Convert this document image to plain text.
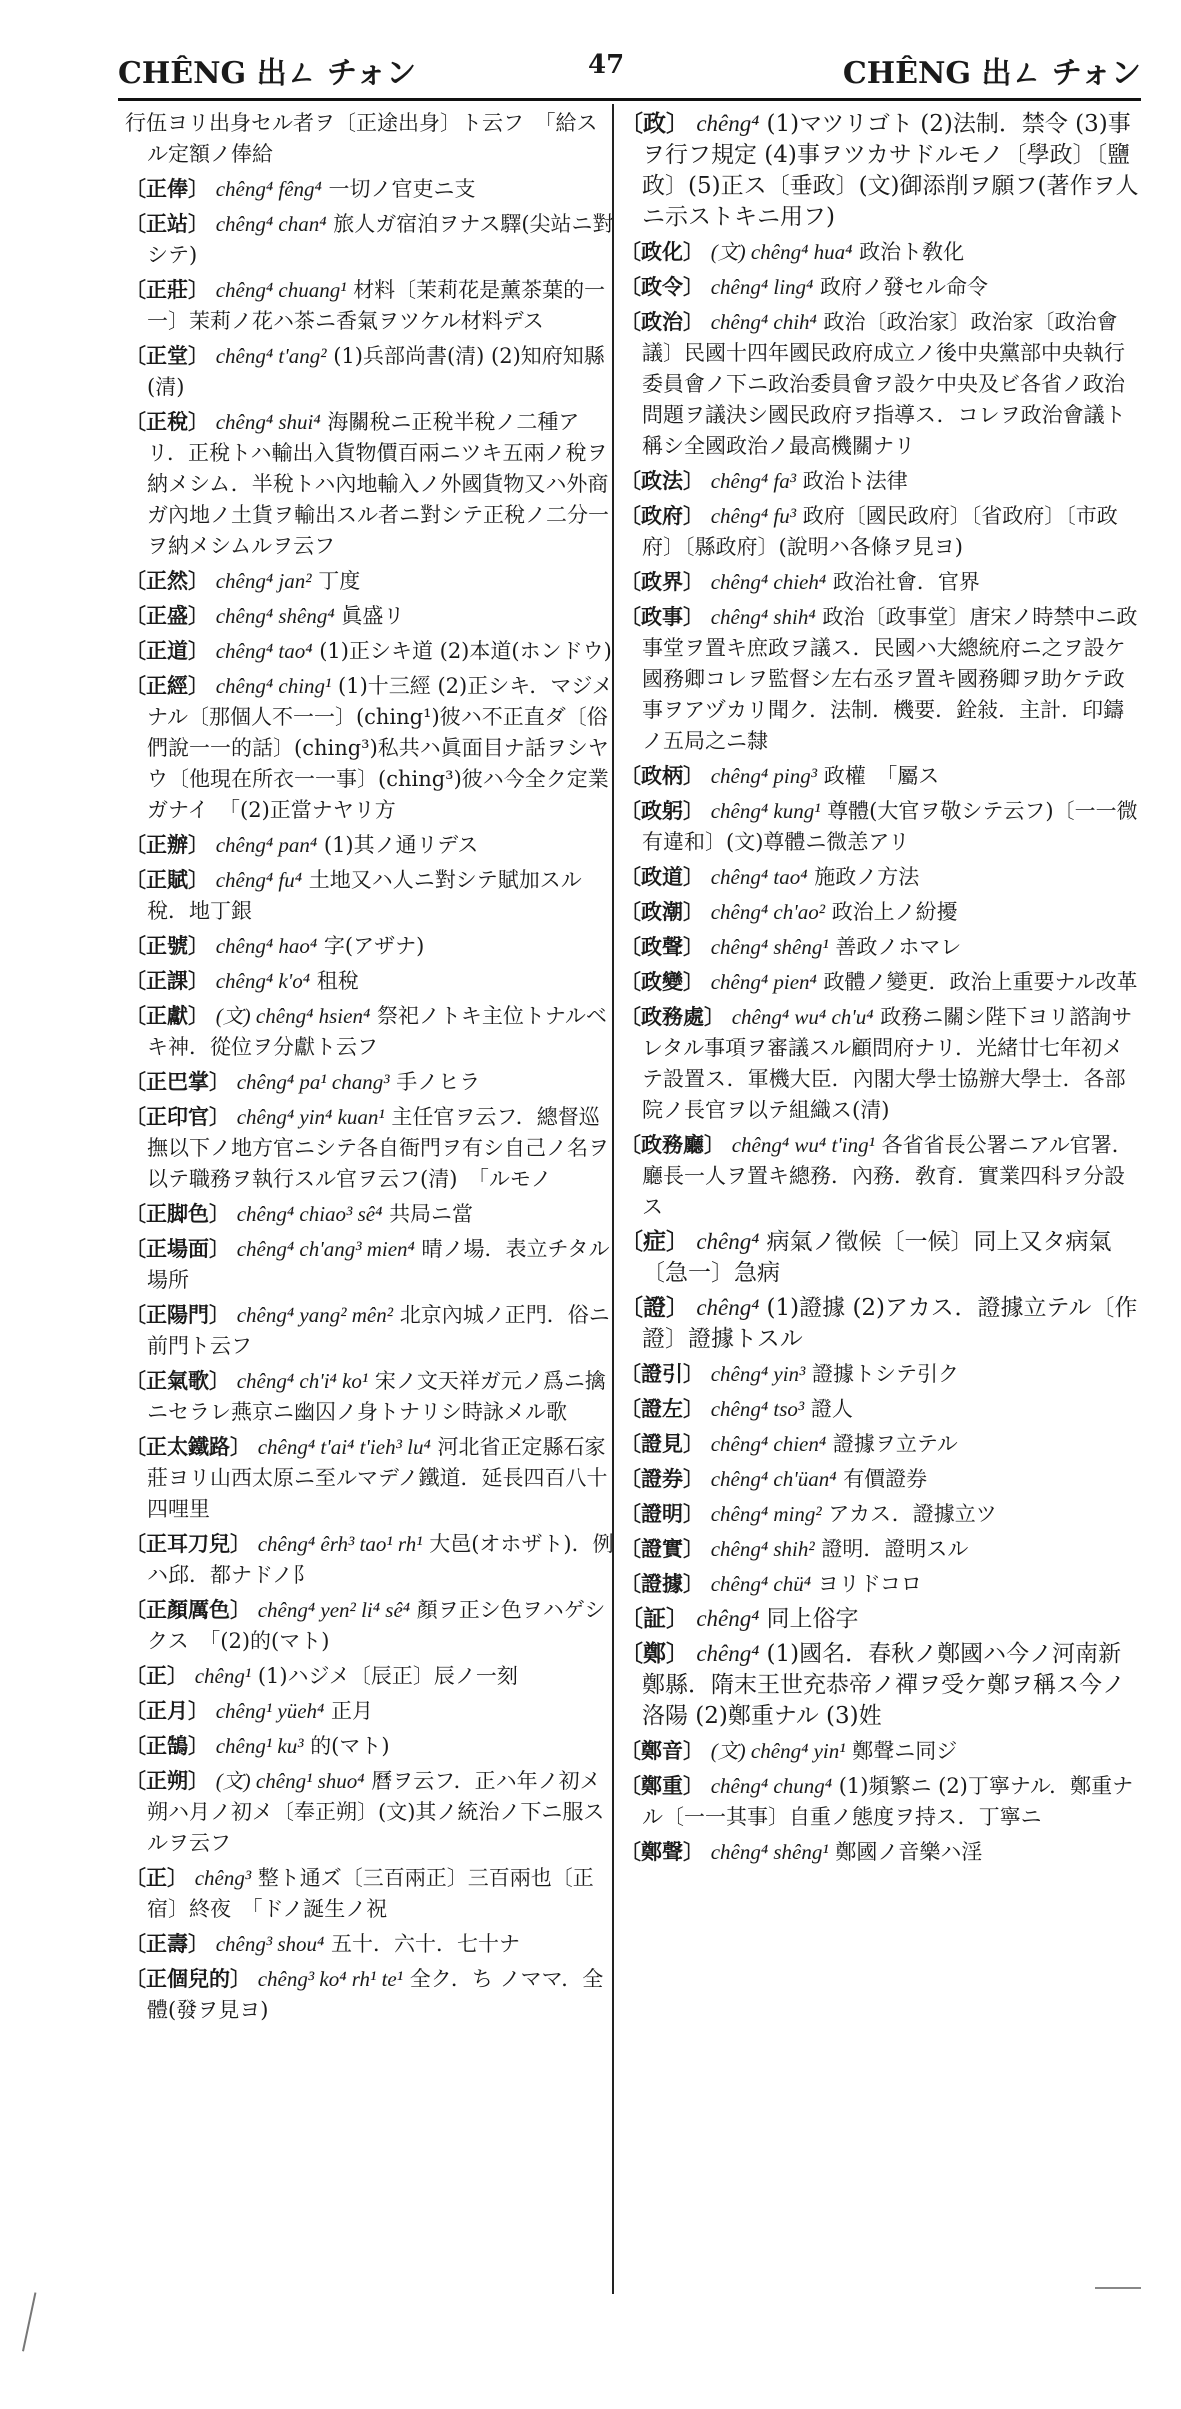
CHÊNG 出ㄥ チォン	47	CHÊNG 出ㄥ チォン
行伍ヨリ出身セル者ヲ〔正途出身〕ト云フ　「給スル定額ノ俸給
〔正俸〕 chêng⁴ fêng⁴ 一切ノ官吏ニ支
〔正站〕 chêng⁴ chan⁴ 旅人ガ宿泊ヲナス驛(尖站ニ對シテ)
〔正莊〕 chêng⁴ chuang¹ 材料〔茉莉花是薰茶葉的一一〕茉莉ノ花ハ茶ニ香氣ヲツケル材料デス
〔正堂〕 chêng⁴ t'ang² (1)兵部尚書(清) (2)知府知縣(清)
〔正稅〕 chêng⁴ shui⁴ 海關稅ニ正稅半稅ノ二種アリ．正稅トハ輸出入貨物價百兩ニツキ五兩ノ稅ヲ納メシム．半稅トハ內地輸入ノ外國貨物又ハ外商ガ內地ノ土貨ヲ輸出スル者ニ對シテ正稅ノ二分一ヲ納メシムルヲ云フ
〔正然〕 chêng⁴ jan² 丁度
〔正盛〕 chêng⁴ shêng⁴ 眞盛リ
〔正道〕 chêng⁴ tao⁴ (1)正シキ道 (2)本道(ホンドウ)
〔正經〕 chêng⁴ ching¹ (1)十三經 (2)正シキ．マジメナル〔那個人不一一〕(ching¹)彼ハ不正直ダ〔俗們說一一的話〕(ching³)私共ハ眞面目ナ話ヲシヤウ〔他現在所衣一一事〕(ching³)彼ハ今全ク定業ガナイ　「(2)正當ナヤリ方
〔正辦〕 chêng⁴ pan⁴ (1)其ノ通リデス
〔正賦〕 chêng⁴ fu⁴ 土地又ハ人ニ對シテ賦加スル稅．地丁銀
〔正號〕 chêng⁴ hao⁴ 字(アザナ)
〔正課〕 chêng⁴ k'o⁴ 租稅
〔正獻〕 (文) chêng⁴ hsien⁴ 祭祀ノトキ主位トナルベキ神．從位ヲ分獻ト云フ
〔正巴掌〕 chêng⁴ pa¹ chang³ 手ノヒラ
〔正印官〕 chêng⁴ yin⁴ kuan¹ 主任官ヲ云フ．總督巡撫以下ノ地方官ニシテ各自衙門ヲ有シ自己ノ名ヲ以テ職務ヲ執行スル官ヲ云フ(清)　「ルモノ
〔正脚色〕 chêng⁴ chiao³ sê⁴ 共局ニ當
〔正場面〕 chêng⁴ ch'ang³ mien⁴ 晴ノ場．表立チタル場所
〔正陽門〕 chêng⁴ yang² mên² 北京內城ノ正門．俗ニ前門ト云フ
〔正氣歌〕 chêng⁴ ch'i⁴ ko¹ 宋ノ文天祥ガ元ノ爲ニ擒ニセラレ燕京ニ幽囚ノ身トナリシ時詠メル歌
〔正太鐵路〕 chêng⁴ t'ai⁴ t'ieh³ lu⁴ 河北省正定縣石家莊ヨリ山西太原ニ至ルマデノ鐵道．延長四百八十四哩里
〔正耳刀兒〕 chêng⁴ êrh³ tao¹ rh¹ 大邑(オホザト)．例ハ邱．都ナドノ阝
〔正顏厲色〕 chêng⁴ yen² li⁴ sê⁴ 顏ヲ正シ色ヲハゲシクス　「(2)的(マト)
〔正〕 chêng¹ (1)ハジメ〔辰正〕辰ノ一刻
〔正月〕 chêng¹ yüeh⁴ 正月
〔正鵠〕 chêng¹ ku³ 的(マト)
〔正朔〕 (文) chêng¹ shuo⁴ 曆ヲ云フ．正ハ年ノ初メ朔ハ月ノ初メ〔奉正朔〕(文)其ノ統治ノ下ニ服スルヲ云フ
〔正〕 chêng³ 整ト通ズ〔三百兩正〕三百兩也〔正宿〕終夜　「ドノ誕生ノ祝
〔正壽〕 chêng³ shou⁴ 五十．六十．七十ナ
〔正個兒的〕 chêng³ ko⁴ rh¹ te¹ 全ク．ち ノママ．全體(發ヲ見ヨ)
〔政〕 chêng⁴ (1)マツリゴト (2)法制．禁令 (3)事ヲ行フ規定 (4)事ヲツカサドルモノ〔學政〕〔鹽政〕(5)正ス〔垂政〕(文)御添削ヲ願フ(著作ヲ人ニ示ストキニ用フ)
〔政化〕 (文) chêng⁴ hua⁴ 政治ト敎化
〔政令〕 chêng⁴ ling⁴ 政府ノ發セル命令
〔政治〕 chêng⁴ chih⁴ 政治〔政治家〕政治家〔政治會議〕民國十四年國民政府成立ノ後中央黨部中央執行委員會ノ下ニ政治委員會ヲ設ケ中央及ビ各省ノ政治問題ヲ議決シ國民政府ヲ指導ス．コレヲ政治會議ト稱シ全國政治ノ最高機關ナリ
〔政法〕 chêng⁴ fa³ 政治ト法律
〔政府〕 chêng⁴ fu³ 政府〔國民政府〕〔省政府〕〔市政府〕〔縣政府〕(說明ハ各條ヲ見ヨ)
〔政界〕 chêng⁴ chieh⁴ 政治社會．官界
〔政事〕 chêng⁴ shih⁴ 政治〔政事堂〕唐宋ノ時禁中ニ政事堂ヲ置キ庶政ヲ議ス．民國ハ大總統府ニ之ヲ設ケ國務卿コレヲ監督シ左右丞ヲ置キ國務卿ヲ助ケテ政事ヲアヅカリ聞ク．法制．機要．銓敍．主計．印鑄ノ五局之ニ隸
〔政柄〕 chêng⁴ ping³ 政權　「屬ス
〔政躬〕 chêng⁴ kung¹ 尊體(大官ヲ敬シテ云フ)〔一一微有違和〕(文)尊體ニ微恙アリ
〔政道〕 chêng⁴ tao⁴ 施政ノ方法
〔政潮〕 chêng⁴ ch'ao² 政治上ノ紛擾
〔政聲〕 chêng⁴ shêng¹ 善政ノホマレ
〔政變〕 chêng⁴ pien⁴ 政體ノ變更．政治上重要ナル改革
〔政務處〕 chêng⁴ wu⁴ ch'u⁴ 政務ニ關シ陛下ヨリ諮詢サレタル事項ヲ審議スル顧問府ナリ．光緒廿七年初メテ設置ス．軍機大臣．內閣大學士協辦大學士．各部院ノ長官ヲ以テ組織ス(清)
〔政務廳〕 chêng⁴ wu⁴ t'ing¹ 各省省長公署ニアル官署．廳長一人ヲ置キ總務．內務．敎育．實業四科ヲ分設ス
〔症〕 chêng⁴ 病氣ノ徵候〔一候〕同上又タ病氣〔急一〕急病
〔證〕 chêng⁴ (1)證據 (2)アカス．證據立テル〔作證〕證據トスル
〔證引〕 chêng⁴ yin³ 證據トシテ引ク
〔證左〕 chêng⁴ tso³ 證人
〔證見〕 chêng⁴ chien⁴ 證據ヲ立テル
〔證券〕 chêng⁴ ch'üan⁴ 有價證券
〔證明〕 chêng⁴ ming² アカス．證據立ツ
〔證實〕 chêng⁴ shih² 證明．證明スル
〔證據〕 chêng⁴ chü⁴ ヨリドコロ
〔証〕 chêng⁴ 同上俗字
〔鄭〕 chêng⁴ (1)國名．春秋ノ鄭國ハ今ノ河南新鄭縣．隋末王世充恭帝ノ禪ヲ受ケ鄭ヲ稱ス今ノ洛陽 (2)鄭重ナル (3)姓
〔鄭音〕 (文) chêng⁴ yin¹ 鄭聲ニ同ジ
〔鄭重〕 chêng⁴ chung⁴ (1)頻繁ニ (2)丁寧ナル．鄭重ナル〔一一其事〕自重ノ態度ヲ持ス．丁寧ニ
〔鄭聲〕 chêng⁴ shêng¹ 鄭國ノ音樂ハ淫
